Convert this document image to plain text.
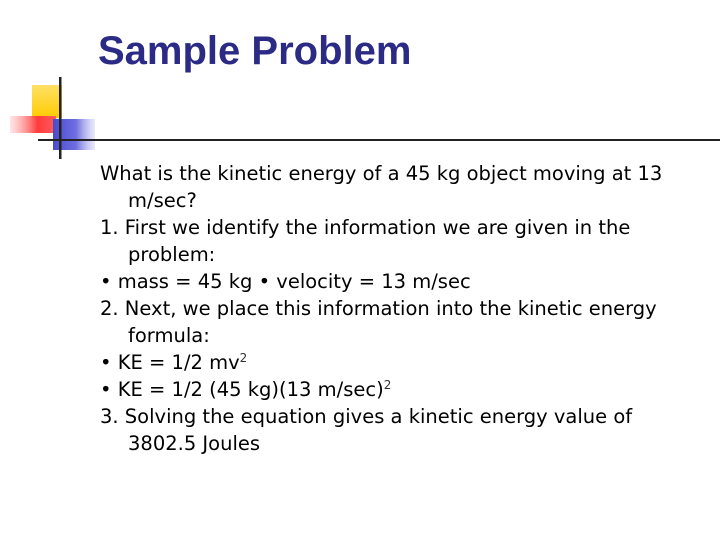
Sample Problem
What is the kinetic energy of a 45 kg object moving at 13 m/sec?
1. First we identify the information we are given in the problem:
• mass = 45 kg • velocity = 13 m/sec
2. Next, we place this information into the kinetic energy formula:
• KE = 1/2 $mv^2$
• KE = 1/2 (45 kg)(13 m/sec)$^2$
3. Solving the equation gives a kinetic energy value of 3802.5 Joules
